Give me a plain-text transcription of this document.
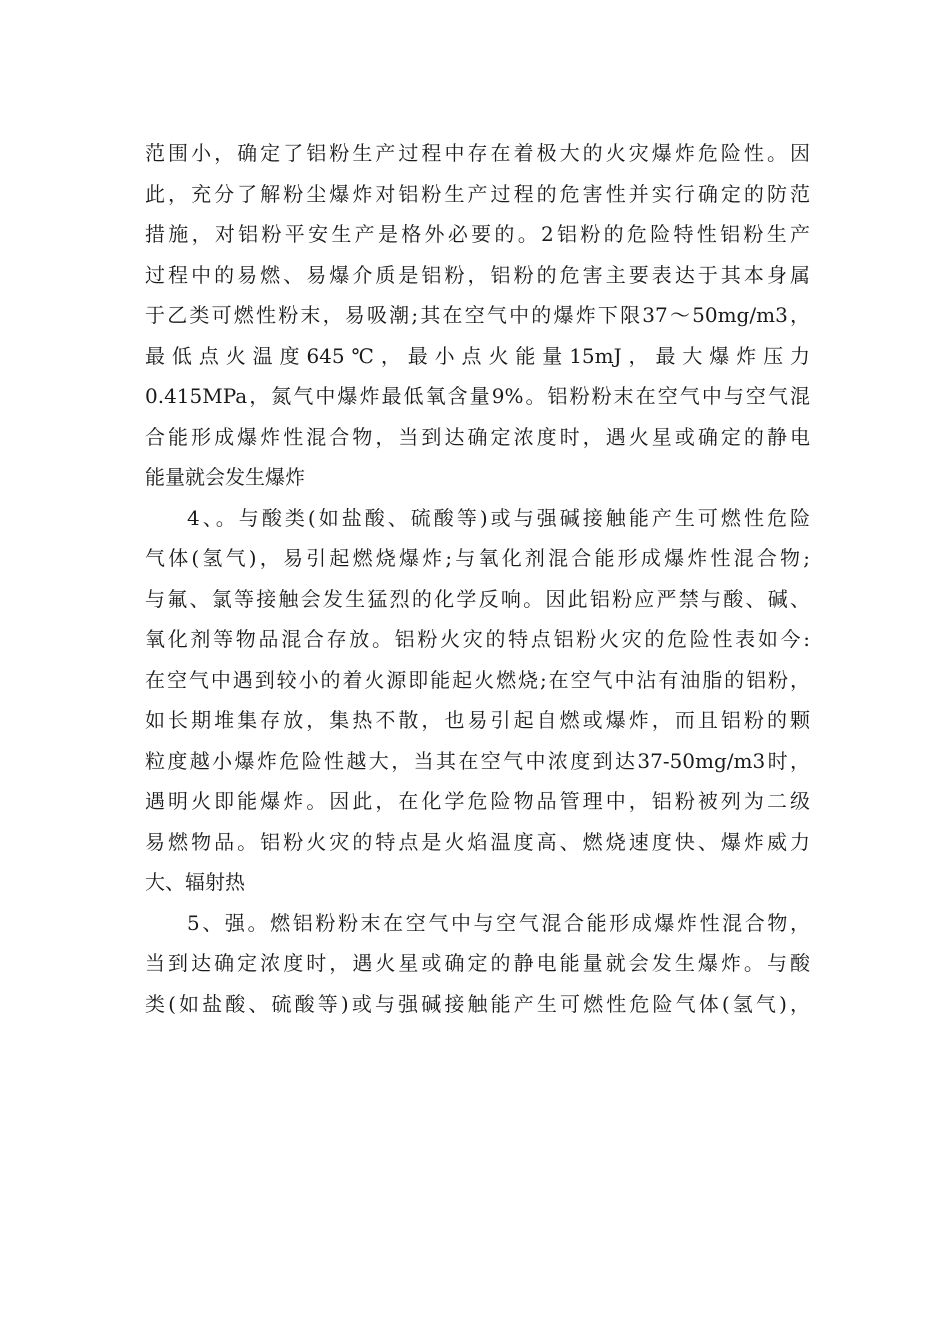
范围小，确定了铝粉生产过程中存在着极大的火灾爆炸危险性。因
此，充分了解粉尘爆炸对铝粉生产过程的危害性并实行确定的防范
措施，对铝粉平安生产是格外必要的。2铝粉的危险特性铝粉生产
过程中的易燃、易爆介质是铝粉，铝粉的危害主要表达于其本身属
于乙类可燃性粉末，易吸潮;其在空气中的爆炸下限37～50mg/m3，
最低点火温度645℃，最小点火能量15mJ，最大爆炸压力
0.415MPa，氮气中爆炸最低氧含量9%。铝粉粉末在空气中与空气混
合能形成爆炸性混合物，当到达确定浓度时，遇火星或确定的静电
能量就会发生爆炸
4、。与酸类(如盐酸、硫酸等)或与强碱接触能产生可燃性危险
气体(氢气)，易引起燃烧爆炸;与氧化剂混合能形成爆炸性混合物;
与氟、氯等接触会发生猛烈的化学反响。因此铝粉应严禁与酸、碱、
氧化剂等物品混合存放。铝粉火灾的特点铝粉火灾的危险性表如今:
在空气中遇到较小的着火源即能起火燃烧;在空气中沾有油脂的铝粉，
如长期堆集存放，集热不散，也易引起自燃或爆炸，而且铝粉的颗
粒度越小爆炸危险性越大，当其在空气中浓度到达37-50mg/m3时，
遇明火即能爆炸。因此，在化学危险物品管理中，铝粉被列为二级
易燃物品。铝粉火灾的特点是火焰温度高、燃烧速度快、爆炸威力
大、辐射热
5、强。燃铝粉粉末在空气中与空气混合能形成爆炸性混合物，
当到达确定浓度时，遇火星或确定的静电能量就会发生爆炸。与酸
类(如盐酸、硫酸等)或与强碱接触能产生可燃性危险气体(氢气)，
